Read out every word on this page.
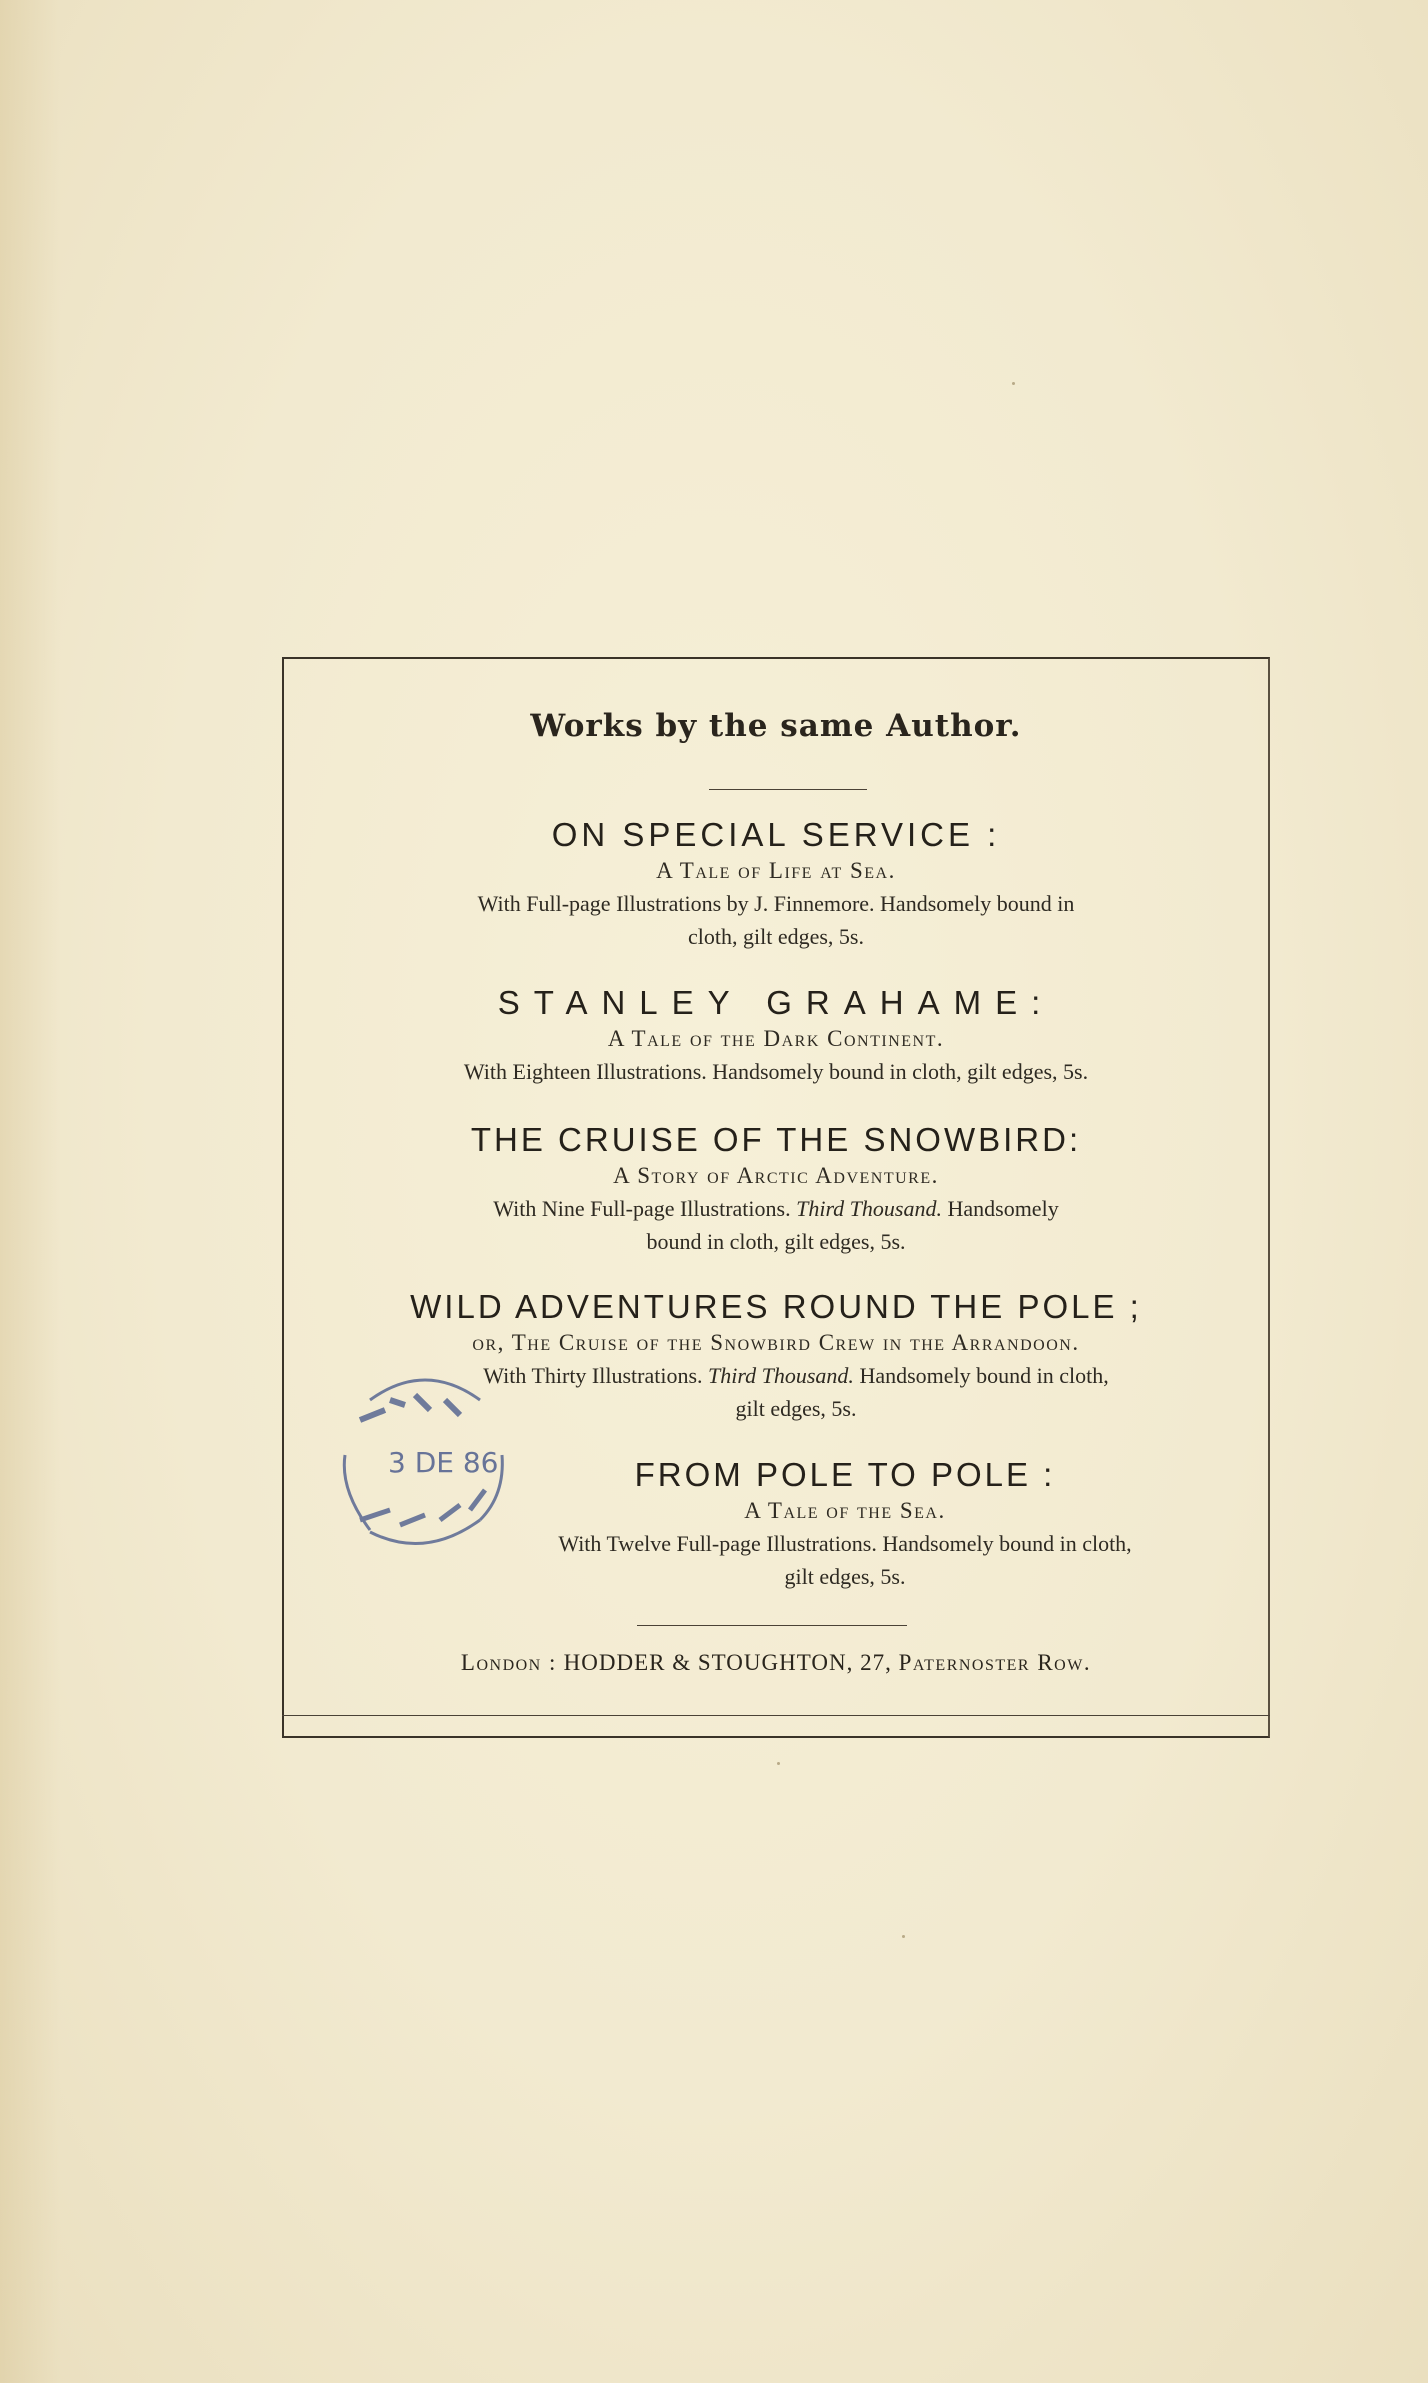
Works by the same Author.
ON SPECIAL SERVICE :
A Tale of Life at Sea.
With Full-page Illustrations by J. Finnemore. Handsomely bound in
cloth, gilt edges, 5s.
STANLEY GRAHAME:
A Tale of the Dark Continent.
With Eighteen Illustrations. Handsomely bound in cloth, gilt edges, 5s.
THE CRUISE OF THE SNOWBIRD:
A Story of Arctic Adventure.
With Nine Full-page Illustrations. Third Thousand. Handsomely
bound in cloth, gilt edges, 5s.
WILD ADVENTURES ROUND THE POLE ;
or, The Cruise of the Snowbird Crew in the Arrandoon.
With Thirty Illustrations. Third Thousand. Handsomely bound in cloth,
gilt edges, 5s.
FROM POLE TO POLE :
A Tale of the Sea.
With Twelve Full-page Illustrations. Handsomely bound in cloth,
gilt edges, 5s.
3 DE 86
London : HODDER & STOUGHTON, 27, Paternoster Row.
